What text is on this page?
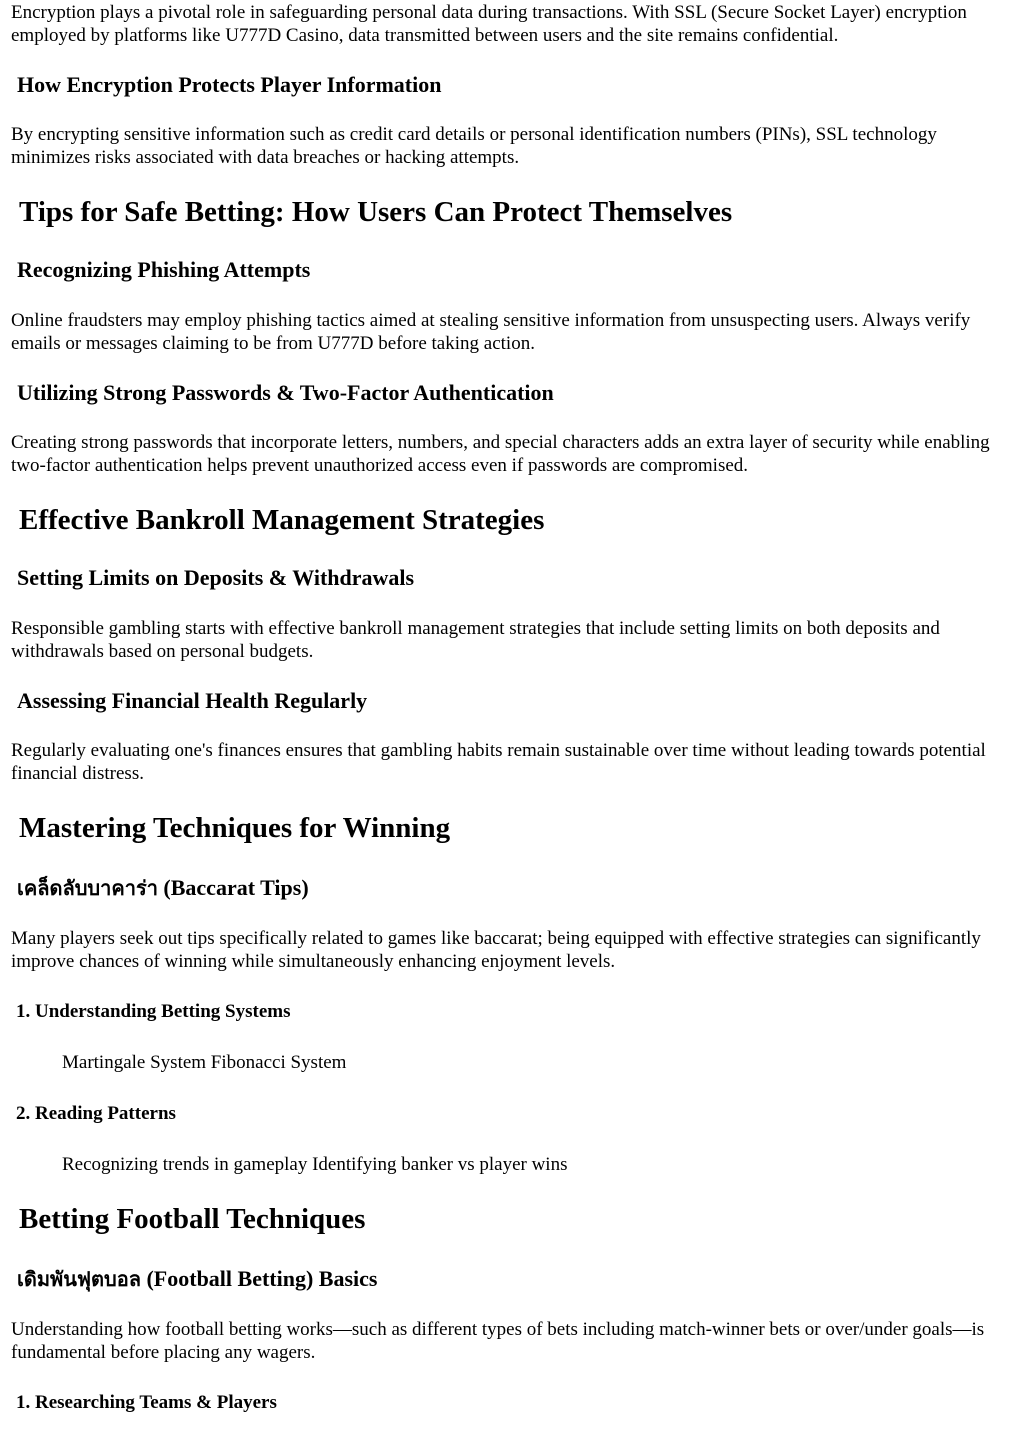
Encryption plays a pivotal role in safeguarding personal data during transactions. With SSL (Secure Socket Layer) encryption employed by platforms like U777D Casino, data transmitted between users and the site remains confidential.

How Encryption Protects Player Information

By encrypting sensitive information such as credit card details or personal identification numbers (PINs), SSL technology minimizes risks associated with data breaches or hacking attempts.

Tips for Safe Betting: How Users Can Protect Themselves
Recognizing Phishing Attempts

Online fraudsters may employ phishing tactics aimed at stealing sensitive information from unsuspecting users. Always verify emails or messages claiming to be from U777D before taking action.

Utilizing Strong Passwords & Two-Factor Authentication

Creating strong passwords that incorporate letters, numbers, and special characters adds an extra layer of security while enabling two-factor authentication helps prevent unauthorized access even if passwords are compromised.

Effective Bankroll Management Strategies
Setting Limits on Deposits & Withdrawals

Responsible gambling starts with effective bankroll management strategies that include setting limits on both deposits and withdrawals based on personal budgets.

Assessing Financial Health Regularly

Regularly evaluating one's finances ensures that gambling habits remain sustainable over time without leading towards potential financial distress.

Mastering Techniques for Winning
เคล็ดลับบาคาร่า (Baccarat Tips)

Many players seek out tips specifically related to games like baccarat; being equipped with effective strategies can significantly improve chances of winning while simultaneously enhancing enjoyment levels.

1. Understanding Betting Systems

Martingale System Fibonacci System

2. Reading Patterns

Recognizing trends in gameplay Identifying banker vs player wins

Betting Football Techniques
เดิมพันฟุตบอล (Football Betting) Basics

Understanding how football betting works—such as different types of bets including match-winner bets or over/under goals—is fundamental before placing any wagers.

1. Researching Teams & Players
